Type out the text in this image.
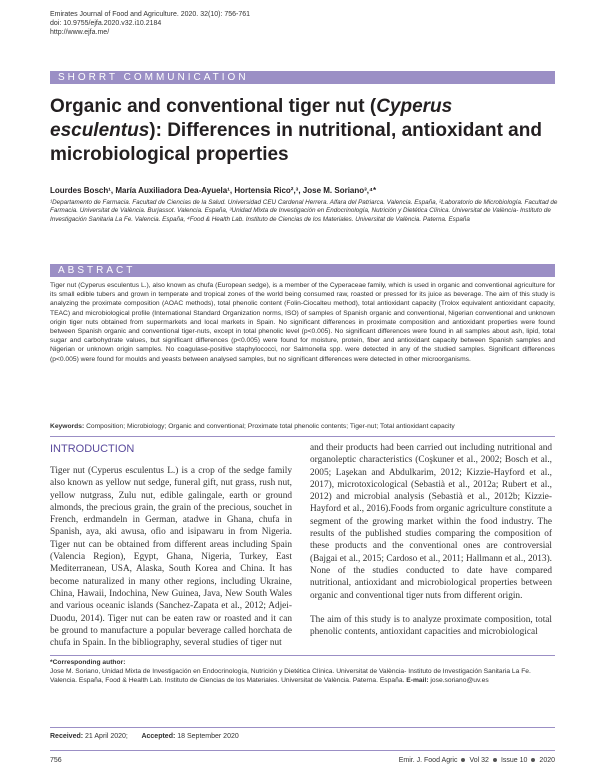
Emirates Journal of Food and Agriculture. 2020. 32(10): 756-761
doi: 10.9755/ejfa.2020.v32.i10.2184
http://www.ejfa.me/
SHORRT COMMUNICATION
Organic and conventional tiger nut (Cyperus esculentus): Differences in nutritional, antioxidant and microbiological properties
Lourdes Bosch¹, María Auxiliadora Dea-Ayuela¹, Hortensia Rico²,³, Jose M. Soriano³,⁴*
¹Departamento de Farmacia. Facultad de Ciencias de la Salud. Universidad CEU Cardenal Herrera. Alfara del Patriarca. Valencia. España, ²Laboratorio de Microbiología. Facultad de Farmacia. Universitat de València. Burjassot. Valencia. España, ³Unidad Mixta de Investigación en Endocrinología, Nutrición y Dietética Clínica. Universitat de València- Instituto de Investigación Sanitaria La Fe. Valencia. España, ⁴Food & Health Lab. Instituto de Ciencias de los Materiales. Universitat de València. Paterna. España
ABSTRACT
Tiger nut (Cyperus esculentus L.), also known as chufa (European sedge), is a member of the Cyperaceae family, which is used in organic and conventional agriculture for its small edible tubers and grown in temperate and tropical zones of the world being consumed raw, roasted or pressed for its juice as beverage. The aim of this study is analyzing the proximate composition (AOAC methods), total phenolic content (Folin-Ciocalteu method), total antioxidant capacity (Trolox equivalent antioxidant capacity, TEAC) and microbiological profile (International Standard Organization norms, ISO) of samples of Spanish organic and conventional, Nigerian conventional and unknown origin tiger nuts obtained from supermarkets and local markets in Spain. No significant differences in proximate composition and antioxidant properties were found between Spanish organic and conventional tiger-nuts, except in total phenolic level (p<0.005). No significant differences were found in all samples about ash, lipid, total sugar and carbohydrate values, but significant differences (p<0.005) were found for moisture, protein, fiber and antioxidant capacity between Spanish samples and Nigerian or unknown origin samples. No coagulase-positive staphylococci, nor Salmonella spp. were detected in any of the studied samples. Significant differences (p<0.005) were found for moulds and yeasts between analysed samples, but no significant differences were detected in other microorganisms.
Keywords: Composition; Microbiology; Organic and conventional; Proximate total phenolic contents; Tiger-nut; Total antioxidant capacity
INTRODUCTION

Tiger nut (Cyperus esculentus L.) is a crop of the sedge family also known as yellow nut sedge, funeral gift, nut grass, rush nut, yellow nutgrass, Zulu nut, edible galingale, earth or ground almonds, the precious grain, the grain of the precious, souchet in French, erdmandeln in German, atadwe in Ghana, chufa in Spanish, aya, aki awusa, ofio and isipawaru in from Nigeria. Tiger nut can be obtained from different areas including Spain (Valencia Region), Egypt, Ghana, Nigeria, Turkey, East Mediterranean, USA, Alaska, South Korea and China. It has become naturalized in many other regions, including Ukraine, China, Hawaii, Indochina, New Guinea, Java, New South Wales and various oceanic islands (Sanchez-Zapata et al., 2012; Adjei-Duodu, 2014). Tiger nut can be eaten raw or roasted and it can be ground to manufacture a popular beverage called horchata de chufa in Spain. In the bibliography, several studies of tiger nut

and their products had been carried out including nutritional and organoleptic characteristics (Coşkuner et al., 2002; Bosch et al., 2005; Laşekan and Abdulkarim, 2012; Kizzie-Hayford et al., 2017), microtoxicological (Sebastià et al., 2012a; Rubert et al., 2012) and microbial analysis (Sebastià et al., 2012b; Kizzie-Hayford et al., 2016).Foods from organic agriculture constitute a segment of the growing market within the food industry. The results of the published studies comparing the composition of these products and the conventional ones are controversial (Bajgai et al., 2015; Cardoso et al., 2011; Hallmann et al., 2013). None of the studies conducted to date have compared nutritional, antioxidant and microbiological properties between organic and conventional tiger nuts from different origin.

The aim of this study is to analyze proximate composition, total phenolic contents, antioxidant capacities and microbiological

*Corresponding author:
Jose M. Soriano, Unidad Mixta de Investigación en Endocrinología, Nutrición y Dietética Clínica. Universitat de València- Instituto de Investigación Sanitaria La Fe. Valencia. España, Food & Health Lab. Instituto de Ciencias de los Materiales. Universitat de València. Paterna. España. E-mail: jose.soriano@uv.es
Received: 21 April 2020; Accepted: 18 September 2020
756	Emir. J. Food Agric Vol 32 Issue 10 2020
